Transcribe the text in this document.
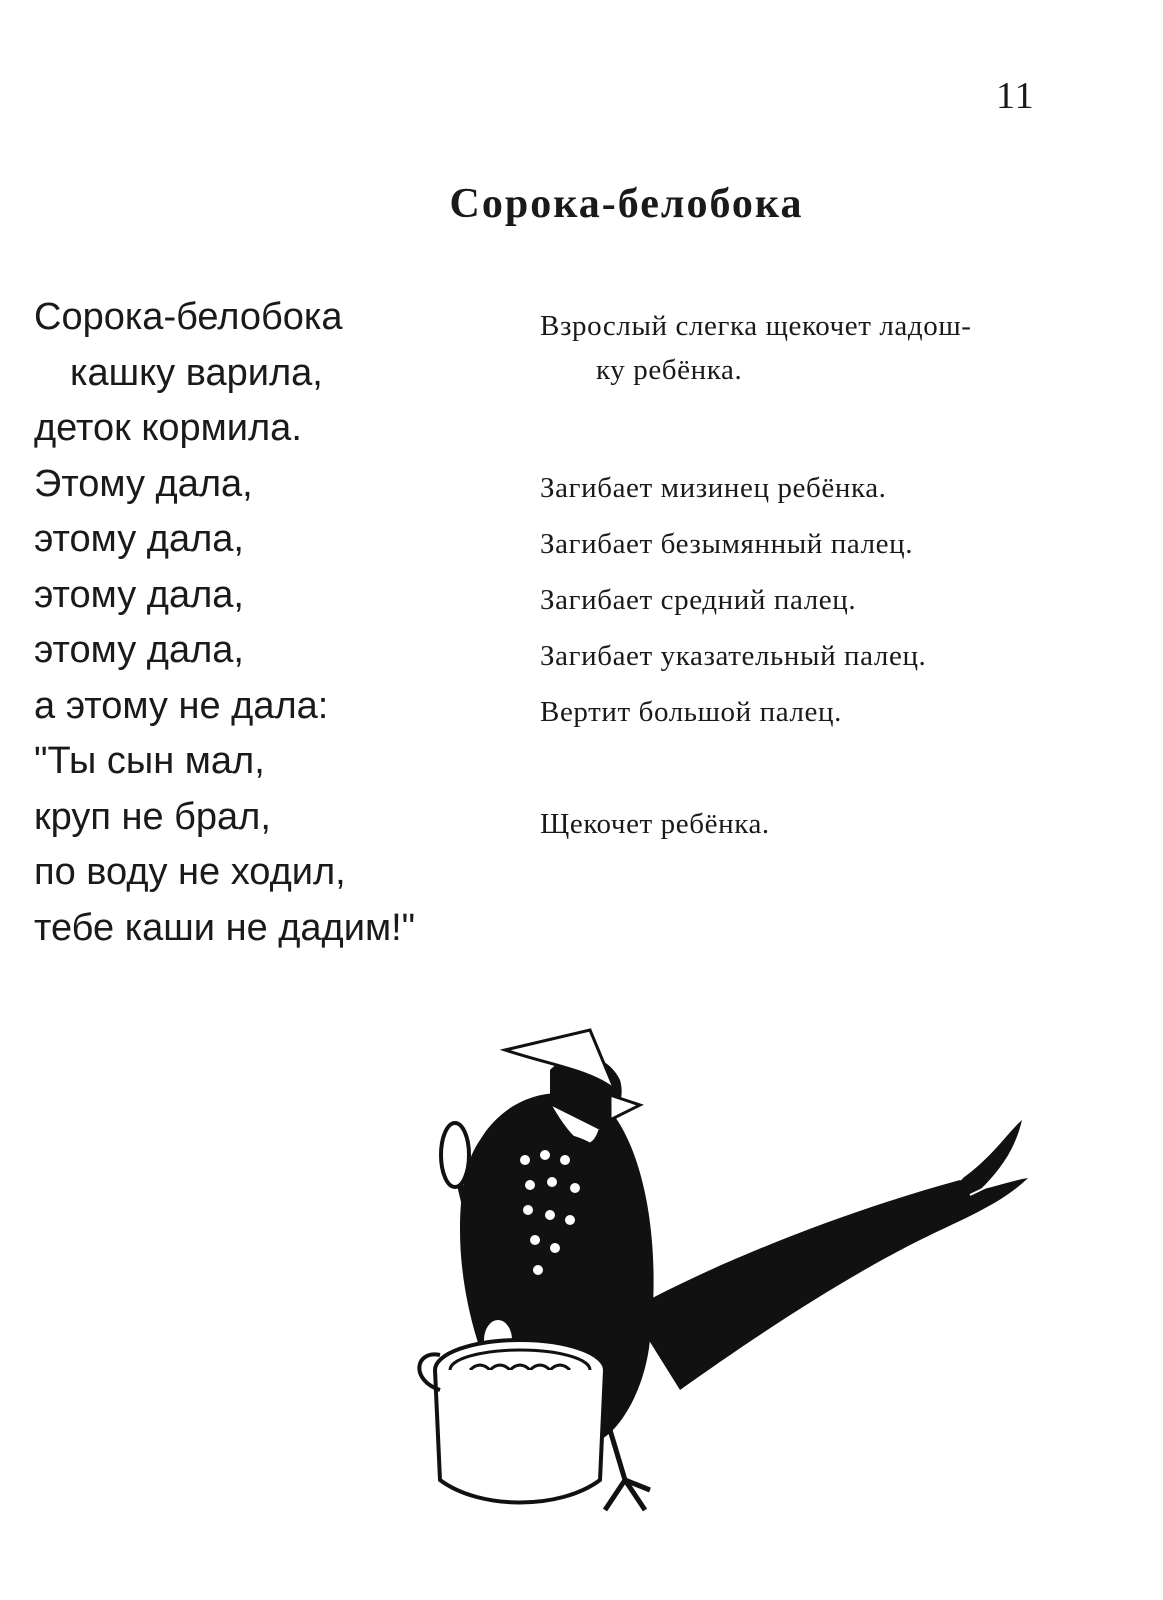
11
Сорока-белобока
Сорока-белобока
кашку варила,
деток кормила.
Этому дала,
этому дала,
этому дала,
этому дала,
а этому не дала:
"Ты сын мал,
круп не брал,
по воду не ходил,
тебе каши не дадим!"
Взрослый слегка щекочет ладош-
ку ребёнка.
Загибает мизинец ребёнка.
Загибает безымянный палец.
Загибает средний палец.
Загибает указательный палец.
Вертит большой палец.
Щекочет ребёнка.
